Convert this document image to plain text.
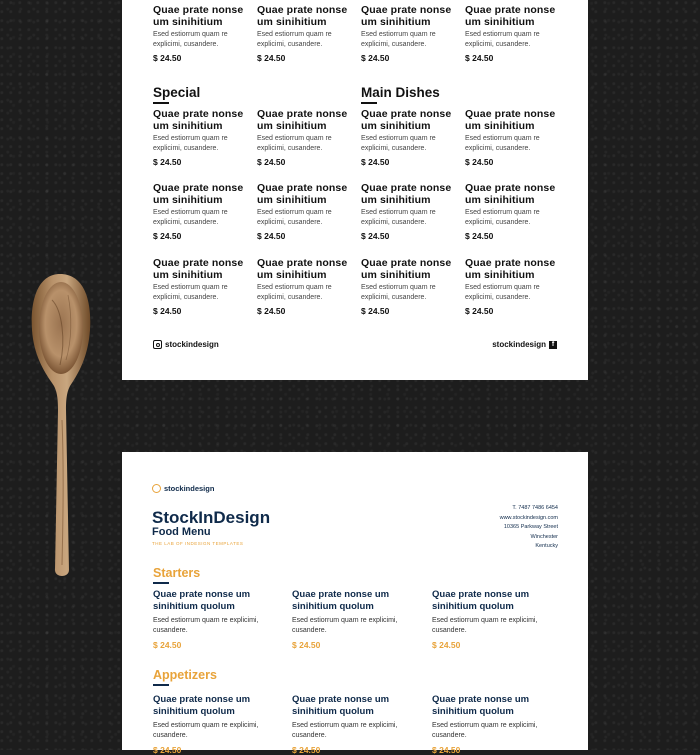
Quae prate nonse um sinihitium
Esed estiorrum quam re explicimi, cusandere.
$ 24.50
Quae prate nonse um sinihitium
Esed estiorrum quam re explicimi, cusandere.
$ 24.50
Quae prate nonse um sinihitium
Esed estiorrum quam re explicimi, cusandere.
$ 24.50
Quae prate nonse um sinihitium
Esed estiorrum quam re explicimi, cusandere.
$ 24.50
Special	Main Dishes
Quae prate nonse um sinihitium
Esed estiorrum quam re explicimi, cusandere.
$ 24.50
Quae prate nonse um sinihitium
Esed estiorrum quam re explicimi, cusandere.
$ 24.50
Quae prate nonse um sinihitium
Esed estiorrum quam re explicimi, cusandere.
$ 24.50
Quae prate nonse um sinihitium
Esed estiorrum quam re explicimi, cusandere.
$ 24.50
Quae prate nonse um sinihitium
Esed estiorrum quam re explicimi, cusandere.
$ 24.50
Quae prate nonse um sinihitium
Esed estiorrum quam re explicimi, cusandere.
$ 24.50
Quae prate nonse um sinihitium
Esed estiorrum quam re explicimi, cusandere.
$ 24.50
Quae prate nonse um sinihitium
Esed estiorrum quam re explicimi, cusandere.
$ 24.50
Quae prate nonse um sinihitium
Esed estiorrum quam re explicimi, cusandere.
$ 24.50
Quae prate nonse um sinihitium
Esed estiorrum quam re explicimi, cusandere.
$ 24.50
Quae prate nonse um sinihitium
Esed estiorrum quam re explicimi, cusandere.
$ 24.50
Quae prate nonse um sinihitium
Esed estiorrum quam re explicimi, cusandere.
$ 24.50
stockindesign	stockindesign f
stockindesign
StockInDesign
Food Menu
THE LAB OF INDESIGN TEMPLATES
T. 7487 7486 6454
www.stockindesign.com
10365 Parkway Street
Winchester
Kentucky
Starters
Quae prate nonse um sinihitium quolum
Esed estiorrum quam re explicimi, cusandere.
$ 24.50
Quae prate nonse um sinihitium quolum
Esed estiorrum quam re explicimi, cusandere.
$ 24.50
Quae prate nonse um sinihitium quolum
Esed estiorrum quam re explicimi, cusandere.
$ 24.50
Appetizers
Quae prate nonse um sinihitium quolum
Esed estiorrum quam re explicimi, cusandere.
$ 24.50
Quae prate nonse um sinihitium quolum
Esed estiorrum quam re explicimi, cusandere.
$ 24.50
Quae prate nonse um sinihitium quolum
Esed estiorrum quam re explicimi, cusandere.
$ 24.50
